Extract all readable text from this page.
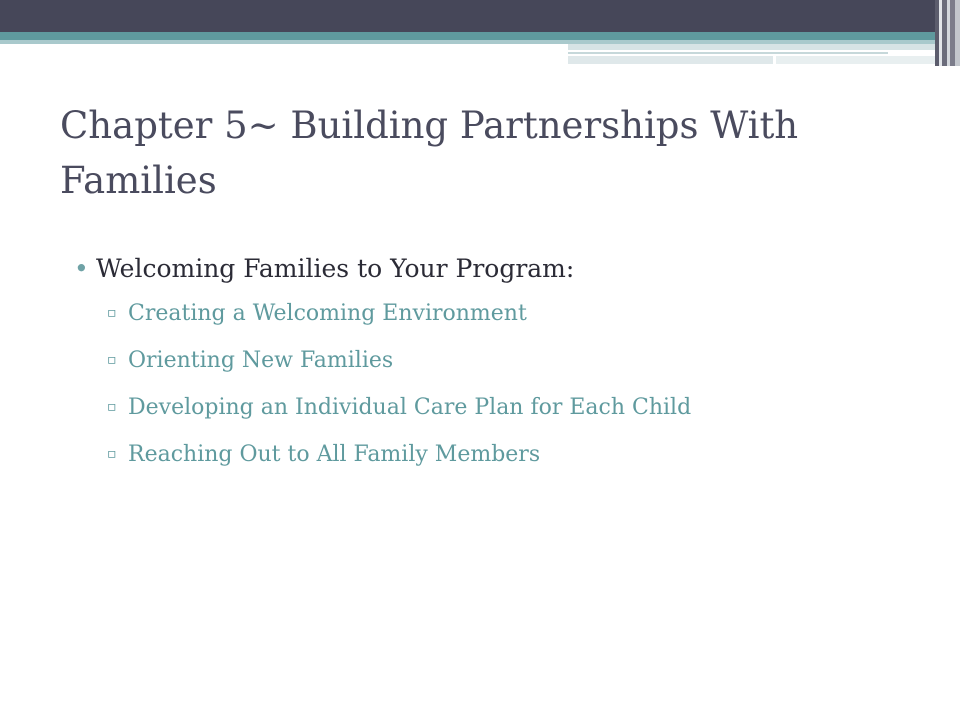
Chapter 5~ Building Partnerships With Families
• Welcoming Families to Your Program:
▫ Creating a Welcoming Environment
▫ Orienting New Families
▫ Developing an Individual Care Plan for Each Child
▫ Reaching Out to All Family Members
